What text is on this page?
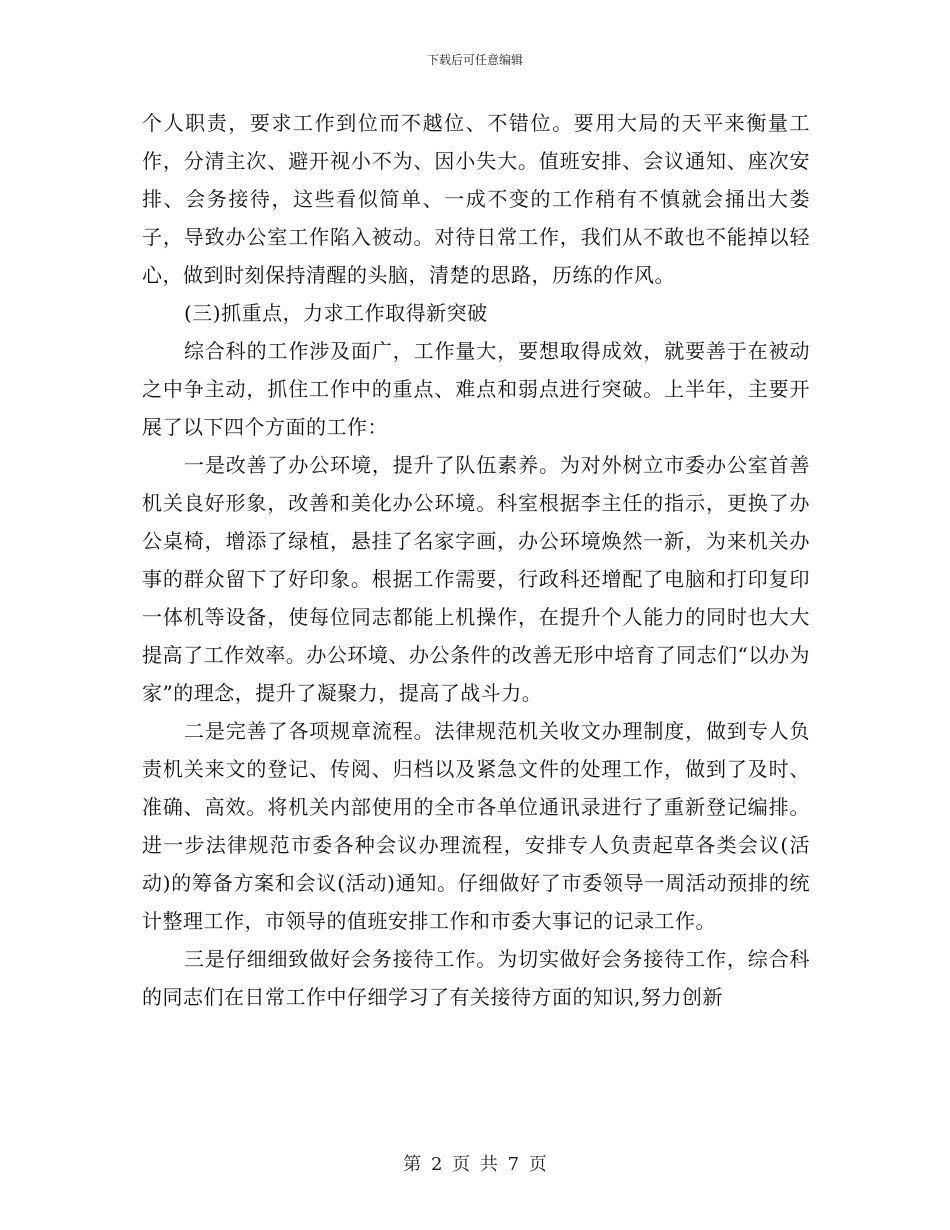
下载后可任意编辑

个人职责，要求工作到位而不越位、不错位。要用大局的天平来衡量工作，分清主次、避开视小不为、因小失大。值班安排、会议通知、座次安排、会务接待，这些看似简单、一成不变的工作稍有不慎就会捅出大娄子，导致办公室工作陷入被动。对待日常工作，我们从不敢也不能掉以轻心，做到时刻保持清醒的头脑，清楚的思路，历练的作风。

(三)抓重点，力求工作取得新突破

综合科的工作涉及面广，工作量大，要想取得成效，就要善于在被动之中争主动，抓住工作中的重点、难点和弱点进行突破。上半年，主要开展了以下四个方面的工作：

一是改善了办公环境，提升了队伍素养。为对外树立市委办公室首善机关良好形象，改善和美化办公环境。科室根据李主任的指示，更换了办公桌椅，增添了绿植，悬挂了名家字画，办公环境焕然一新，为来机关办事的群众留下了好印象。根据工作需要，行政科还增配了电脑和打印复印一体机等设备，使每位同志都能上机操作，在提升个人能力的同时也大大提高了工作效率。办公环境、办公条件的改善无形中培育了同志们“以办为家”的理念，提升了凝聚力，提高了战斗力。

二是完善了各项规章流程。法律规范机关收文办理制度，做到专人负责机关来文的登记、传阅、归档以及紧急文件的处理工作，做到了及时、准确、高效。将机关内部使用的全市各单位通讯录进行了重新登记编排。进一步法律规范市委各种会议办理流程，安排专人负责起草各类会议(活动)的筹备方案和会议(活动)通知。仔细做好了市委领导一周活动预排的统计整理工作，市领导的值班安排工作和市委大事记的记录工作。

三是仔细细致做好会务接待工作。为切实做好会务接待工作，综合科的同志们在日常工作中仔细学习了有关接待方面的知识,努力创新

第 2 页 共 7 页
